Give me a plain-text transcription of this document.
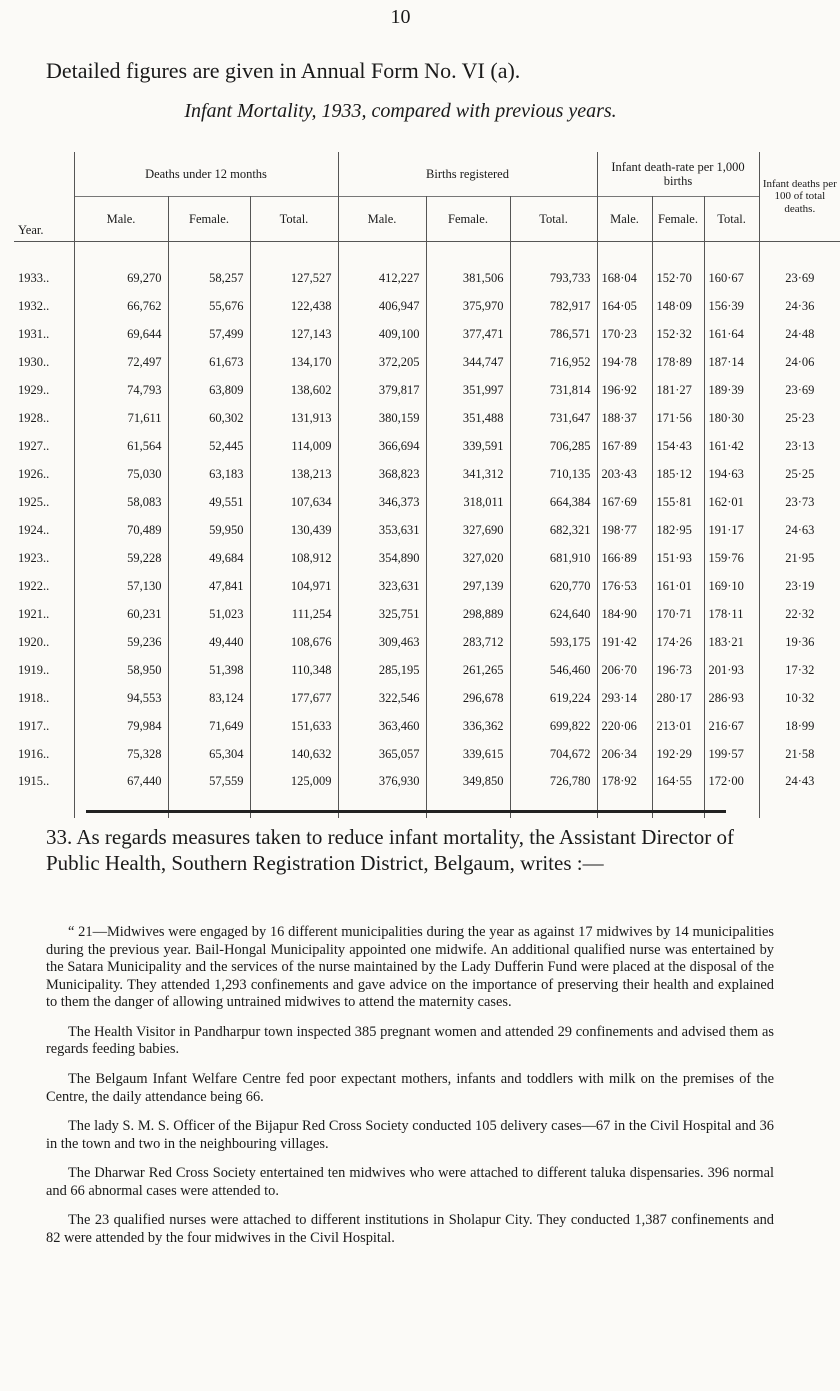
10
Detailed figures are given in Annual Form No. VI (a).
Infant Mortality, 1933, compared with previous years.
Year.	Deaths under 12 months			Births registered			Infant death-rate per 1,000 births			Infant deaths per 100 of total deaths.
	Male.	Female.	Total.	Male.	Female.	Total.	Male.	Female.	Total.	
1933..	69,270	58,257	127,527	412,227	381,506	793,733	168·04	152·70	160·67	23·69
1932..	66,762	55,676	122,438	406,947	375,970	782,917	164·05	148·09	156·39	24·36
1931..	69,644	57,499	127,143	409,100	377,471	786,571	170·23	152·32	161·64	24·48
1930..	72,497	61,673	134,170	372,205	344,747	716,952	194·78	178·89	187·14	24·06
1929..	74,793	63,809	138,602	379,817	351,997	731,814	196·92	181·27	189·39	23·69
1928..	71,611	60,302	131,913	380,159	351,488	731,647	188·37	171·56	180·30	25·23
1927..	61,564	52,445	114,009	366,694	339,591	706,285	167·89	154·43	161·42	23·13
1926..	75,030	63,183	138,213	368,823	341,312	710,135	203·43	185·12	194·63	25·25
1925..	58,083	49,551	107,634	346,373	318,011	664,384	167·69	155·81	162·01	23·73
1924..	70,489	59,950	130,439	353,631	327,690	682,321	198·77	182·95	191·17	24·63
1923..	59,228	49,684	108,912	354,890	327,020	681,910	166·89	151·93	159·76	21·95
1922..	57,130	47,841	104,971	323,631	297,139	620,770	176·53	161·01	169·10	23·19
1921..	60,231	51,023	111,254	325,751	298,889	624,640	184·90	170·71	178·11	22·32
1920..	59,236	49,440	108,676	309,463	283,712	593,175	191·42	174·26	183·21	19·36
1919..	58,950	51,398	110,348	285,195	261,265	546,460	206·70	196·73	201·93	17·32
1918..	94,553	83,124	177,677	322,546	296,678	619,224	293·14	280·17	286·93	10·32
1917..	79,984	71,649	151,633	363,460	336,362	699,822	220·06	213·01	216·67	18·99
1916..	75,328	65,304	140,632	365,057	339,615	704,672	206·34	192·29	199·57	21·58
1915..	67,440	57,559	125,009	376,930	349,850	726,780	178·92	164·55	172·00	24·43
33. As regards measures taken to reduce infant mortality, the Assistant Director of Public Health, Southern Registration District, Belgaum, writes :—

“ 21—Midwives were engaged by 16 different municipalities during the year as against 17 midwives by 14 municipalities during the previous year. Bail-Hongal Municipality appointed one midwife. An additional qualified nurse was entertained by the Satara Municipality and the services of the nurse maintained by the Lady Dufferin Fund were placed at the disposal of the Municipality. They attended 1,293 confinements and gave advice on the importance of preserving their health and explained to them the danger of allowing untrained midwives to attend the maternity cases.

The Health Visitor in Pandharpur town inspected 385 pregnant women and attended 29 confinements and advised them as regards feeding babies.

The Belgaum Infant Welfare Centre fed poor expectant mothers, infants and toddlers with milk on the premises of the Centre, the daily attendance being 66.

The lady S. M. S. Officer of the Bijapur Red Cross Society conducted 105 delivery cases—67 in the Civil Hospital and 36 in the town and two in the neighbouring villages.

The Dharwar Red Cross Society entertained ten midwives who were attached to different taluka dispensaries. 396 normal and 66 abnormal cases were attended to.

The 23 qualified nurses were attached to different institutions in Sholapur City. They conducted 1,387 confinements and 82 were attended by the four midwives in the Civil Hospital.
